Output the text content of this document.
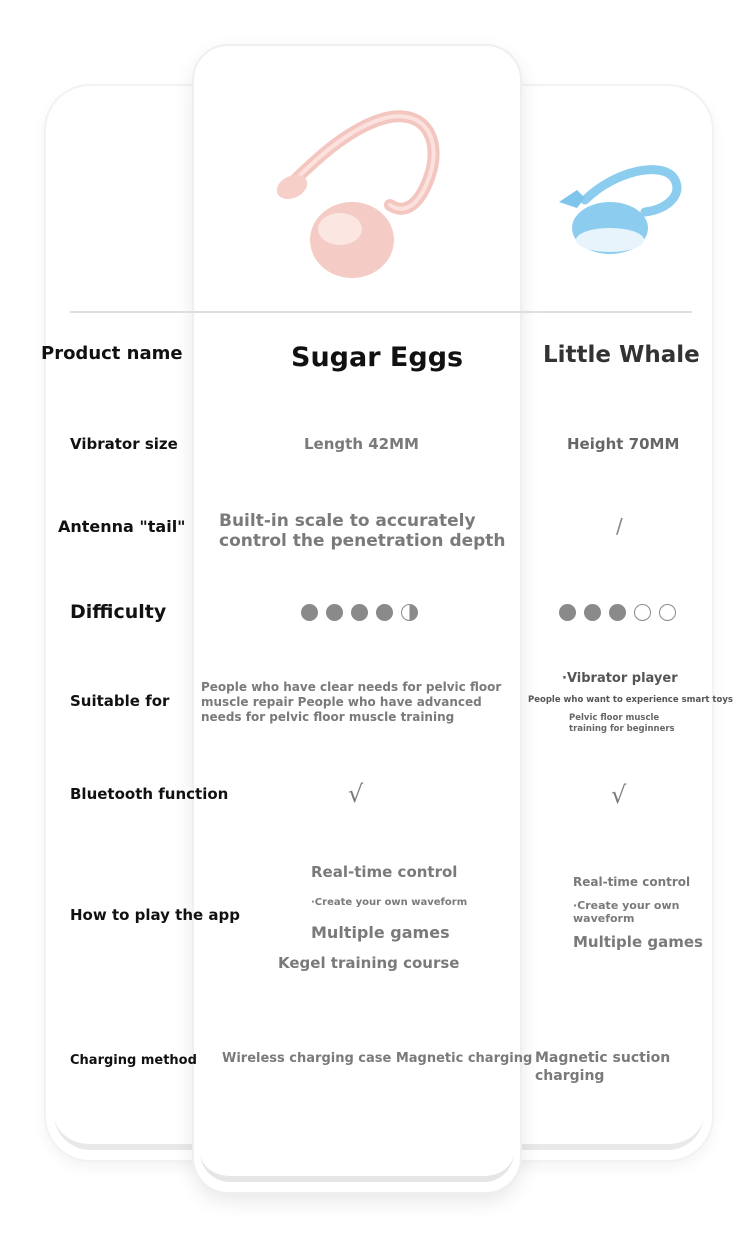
Product name
Vibrator size
Antenna "tail"
Difficulty
Suitable for
Bluetooth function
How to play the app
Charging method
Sugar Eggs
Length 42MM
Built-in scale to accurately
control the penetration depth
People who have clear needs for pelvic floor
muscle repair People who have advanced
needs for pelvic floor muscle training
√
Real-time control
·Create your own waveform
Multiple games
Kegel training course
Wireless charging case Magnetic charging
Little Whale
Height 70MM
/
·Vibrator player
People who want to experience smart toys
Pelvic floor muscle
training for beginners
√
Real-time control
·Create your own
waveform
Multiple games
Magnetic suction
charging
